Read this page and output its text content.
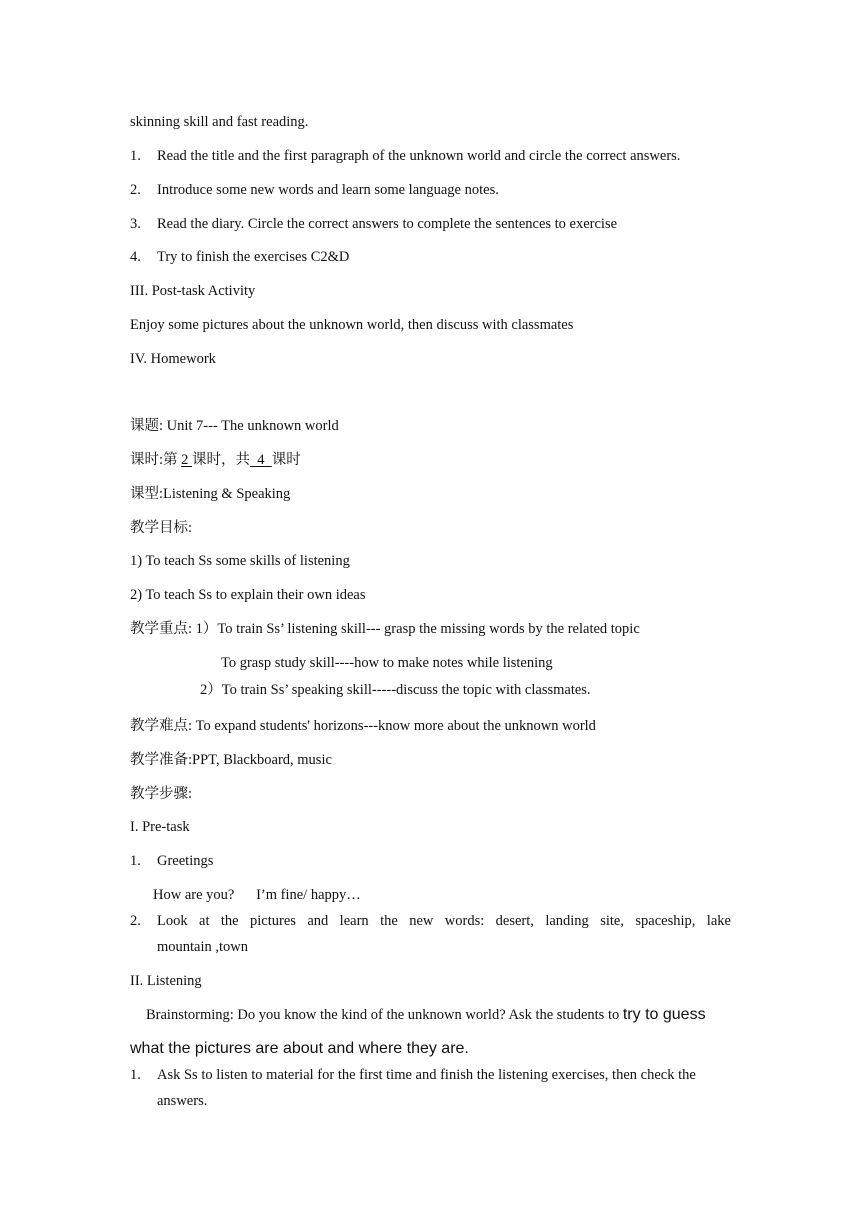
skinning skill and fast reading.
1. Read the title and the first paragraph of the unknown world and circle the correct answers.
2. Introduce some new words and learn some language notes.
3. Read the diary. Circle the correct answers to complete the sentences to exercise
4. Try to finish the exercises C2&D
III. Post-task Activity
Enjoy some pictures about the unknown world, then discuss with classmates
IV. Homework
课题: Unit 7--- The unknown world
课时:第 2 课时，共  4  课时
课型:Listening & Speaking
教学目标:
1) To teach Ss some skills of listening
2) To teach Ss to explain their own ideas
教学重点: 1）To train Ss’ listening skill--- grasp the missing words by the related topic
To grasp study skill----how to make notes while listening
2）To train Ss’ speaking skill-----discuss the topic with classmates.
教学难点: To expand students' horizons---know more about the unknown world
教学准备:PPT, Blackboard, music
教学步骤:
I. Pre-task
1. Greetings
How are you?      I’m fine/ happy…
2. Look at the pictures and learn the new words: desert, landing site, spaceship, lake
mountain ,town
II. Listening
Brainstorming: Do you know the kind of the unknown world? Ask the students to try to guess
what the pictures are about and where they are.
1. Ask Ss to listen to material for the first time and finish the listening exercises, then check the
answers.
